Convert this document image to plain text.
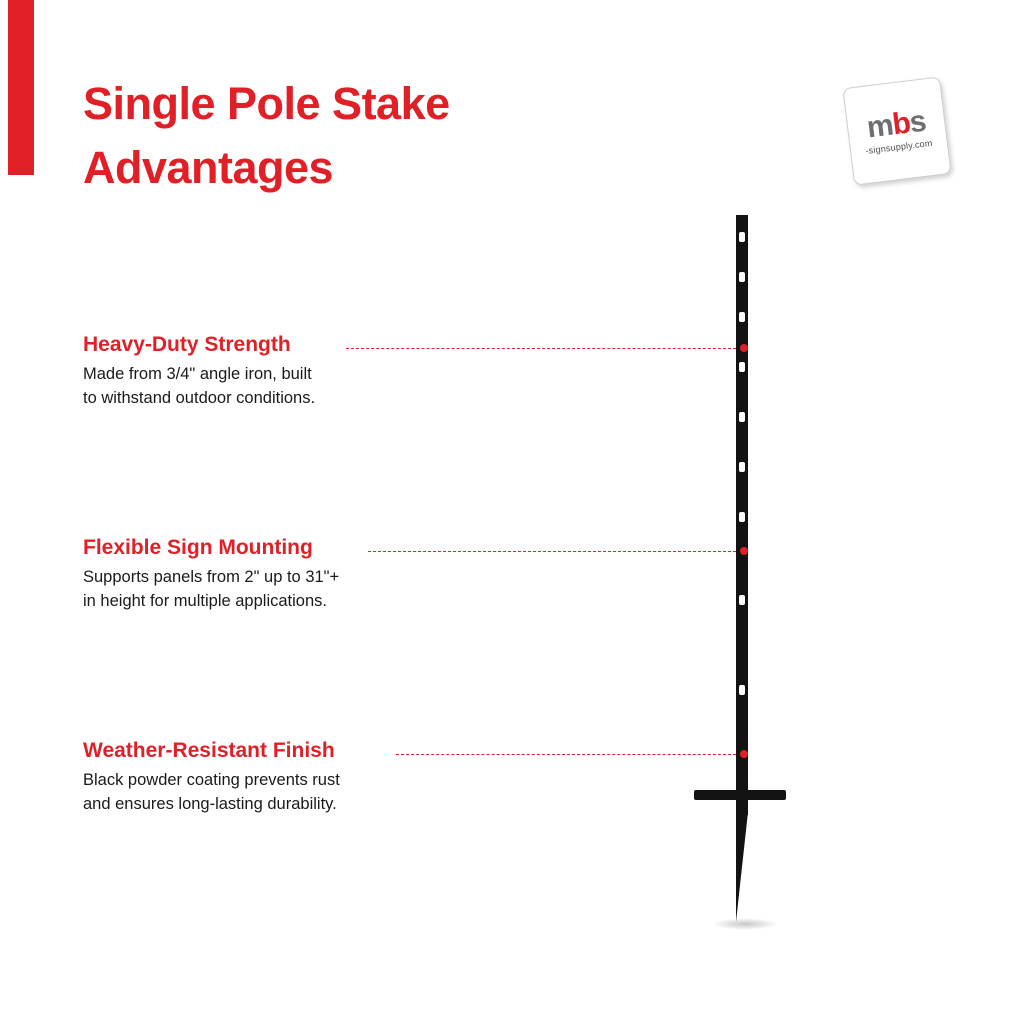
Single Pole Stake
Advantages
mbs
-signsupply.com
Heavy-Duty Strength
Made from 3/4" angle iron, built
to withstand outdoor conditions.
Flexible Sign Mounting
Supports panels from 2" up to 31"+
in height for multiple applications.
Weather-Resistant Finish
Black powder coating prevents rust
and ensures long-lasting durability.
